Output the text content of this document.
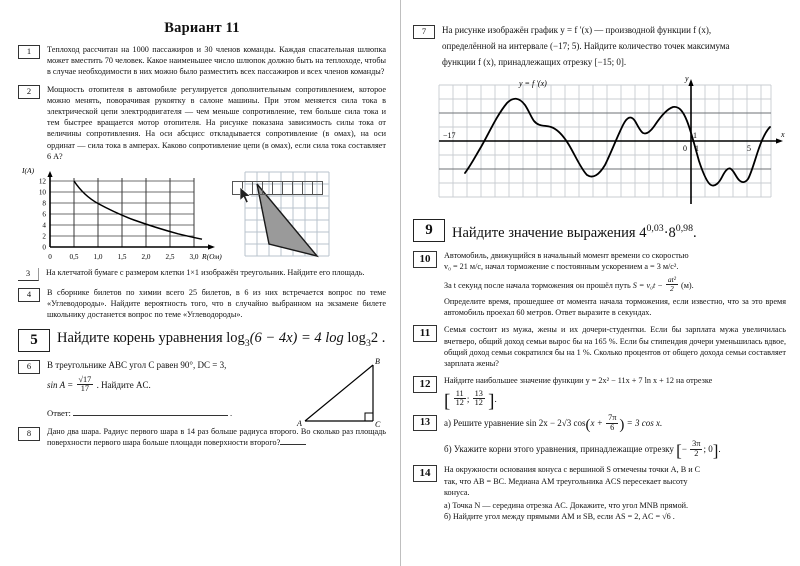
Вариант 11
1	Теплоход рассчитан на 1000 пассажиров и 30 членов команды. Каждая спасательная шлюпка может вместить 70 человек. Какое наименьшее число шлюпок должно быть на теплоходе, чтобы в случае необходимости в них можно было разместить всех пассажиров и всех членов команды?
2	Мощность отопителя в автомобиле регулируется дополнительным сопротивлением, которое можно менять, поворачивая рукоятку в салоне машины. При этом меняется сила тока в электрической цепи электродвигателя — чем меньше сопротивление, тем больше сила тока и тем быстрее вращается мотор отопителя. На рисунке показана зависимость силы тока от величины сопротивления. На оси абсцисс откладывается сопротивление (в омах), на оси ординат — сила тока в амперах. Каково сопротивление цепи (в омах), если сила тока составляет 6 А?
I(A)
12
10
8
6
4
2
0
0 0,5 1,0 1,5 2,0 2,5 3,0 R(Ом)
3	На клетчатой бумаге с размером клетки 1×1 изображён треугольник. Найдите его площадь.
4	В сборнике билетов по химии всего 25 билетов, в 6 из них встречается вопрос по теме «Углеводороды». Найдите вероятность того, что в случайно выбранном на экзамене билете школьнику достанется вопрос по теме «Углеводороды».
5	Найдите корень уравнения $\log_3(6 - 4x) = 4$ $\log \log_32$ .
6	В треугольнике ABC угол C равен 90°, DC = 3,
$\sin A = \frac{√17}{17}$ . Найдите AC.
Ответ:	.
A
B
C
8	Дано два шара. Радиус первого шара в 14 раз больше радиуса второго. Во сколько раз площадь поверхности первого шара больше площади поверхности второго?
7	На рисунке изображён график y = f ′(x) — производной функции f (x),
определённой на интервале (−17; 5). Найдите количество точек максимума
функции f (x), принадлежащих отрезку [−15; 0].
y
x
y = f ′(x)
−17	1
0 1	5
9	Найдите значение выражения $4^{0,03}\cdot 8^{0,98}$.
10	Автомобиль, движущийся в начальный момент времени со скоростью
v₀ = 21 м/с, начал торможение с постоянным ускорением a = 3 м/с².
За t секунд после начала торможения он прошёл путь $S = v_0t - \frac{\text{at²}}{2} (м)$.
Определите время, прошедшее от момента начала торможения, если известно, что за это время автомобиль проехал 60 метров. Ответ выразите в секундах.
11	Семья состоит из мужа, жены и их дочери-студентки. Если бы зарплата мужа увеличилась вчетверо, общий доход семьи вырос бы на 165 %. Если бы стипендия дочери уменьшилась вдвое, общий доход семьи сократился бы на 1 %. Сколько процентов от общего дохода семьи составляет зарплата жены?
12	Найдите наибольшее значение функции y = 2x² − 11x + 7 ln x + 12 на отрезке
[ $\frac{11}{12}$ ; $\frac{13}{12}$ ].
13	а) Решите уравнение sin 2x − 2√3 $\cos(x + \frac{7\pi}{6}$ ) = 3 cos x.
б) Укажите корни этого уравнения, принадлежащие отрезку [− $\frac{3\pi}{2}$ ; 0].
14	На окружности основания конуса с вершиной S отмечены точки A, B и C
так, что AB = BC. Медиана AM треугольника ACS пересекает высоту
конуса.
а) Точка N — середина отрезка AC. Докажите, что угол MNB прямой.
б) Найдите угол между прямыми AM и SB, если AS = 2, AC = √6 .
